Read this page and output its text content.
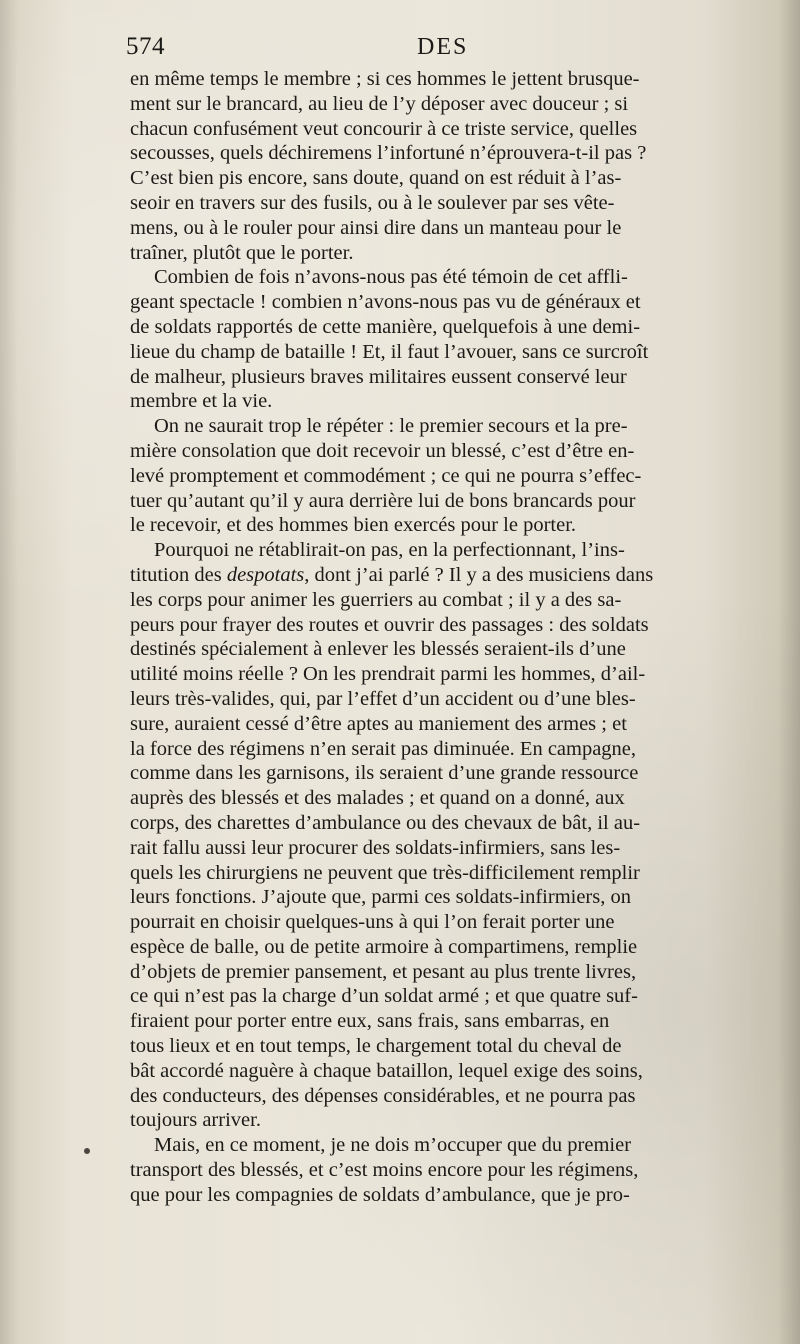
574	DES
en même temps le membre ; si ces hommes le jettent brusque-
ment sur le brancard, au lieu de l’y déposer avec douceur ; si
chacun confusément veut concourir à ce triste service, quelles
secousses, quels déchiremens l’infortuné n’éprouvera-t-il pas ?
C’est bien pis encore, sans doute, quand on est réduit à l’as-
seoir en travers sur des fusils, ou à le soulever par ses vête-
mens, ou à le rouler pour ainsi dire dans un manteau pour le
traîner, plutôt que le porter.
Combien de fois n’avons-nous pas été témoin de cet affli-
geant spectacle ! combien n’avons-nous pas vu de généraux et
de soldats rapportés de cette manière, quelquefois à une demi-
lieue du champ de bataille ! Et, il faut l’avouer, sans ce surcroît
de malheur, plusieurs braves militaires eussent conservé leur
membre et la vie.
On ne saurait trop le répéter : le premier secours et la pre-
mière consolation que doit recevoir un blessé, c’est d’être en-
levé promptement et commodément ; ce qui ne pourra s’effec-
tuer qu’autant qu’il y aura derrière lui de bons brancards pour
le recevoir, et des hommes bien exercés pour le porter.
Pourquoi ne rétablirait-on pas, en la perfectionnant, l’ins-
titution des despotats, dont j’ai parlé ? Il y a des musiciens dans
les corps pour animer les guerriers au combat ; il y a des sa-
peurs pour frayer des routes et ouvrir des passages : des soldats
destinés spécialement à enlever les blessés seraient-ils d’une
utilité moins réelle ? On les prendrait parmi les hommes, d’ail-
leurs très-valides, qui, par l’effet d’un accident ou d’une bles-
sure, auraient cessé d’être aptes au maniement des armes ; et
la force des régimens n’en serait pas diminuée. En campagne,
comme dans les garnisons, ils seraient d’une grande ressource
auprès des blessés et des malades ; et quand on a donné, aux
corps, des charettes d’ambulance ou des chevaux de bât, il au-
rait fallu aussi leur procurer des soldats-infirmiers, sans les-
quels les chirurgiens ne peuvent que très-difficilement remplir
leurs fonctions. J’ajoute que, parmi ces soldats-infirmiers, on
pourrait en choisir quelques-uns à qui l’on ferait porter une
espèce de balle, ou de petite armoire à compartimens, remplie
d’objets de premier pansement, et pesant au plus trente livres,
ce qui n’est pas la charge d’un soldat armé ; et que quatre suf-
firaient pour porter entre eux, sans frais, sans embarras, en
tous lieux et en tout temps, le chargement total du cheval de
bât accordé naguère à chaque bataillon, lequel exige des soins,
des conducteurs, des dépenses considérables, et ne pourra pas
toujours arriver.
Mais, en ce moment, je ne dois m’occuper que du premier
transport des blessés, et c’est moins encore pour les régimens,
que pour les compagnies de soldats d’ambulance, que je pro-
